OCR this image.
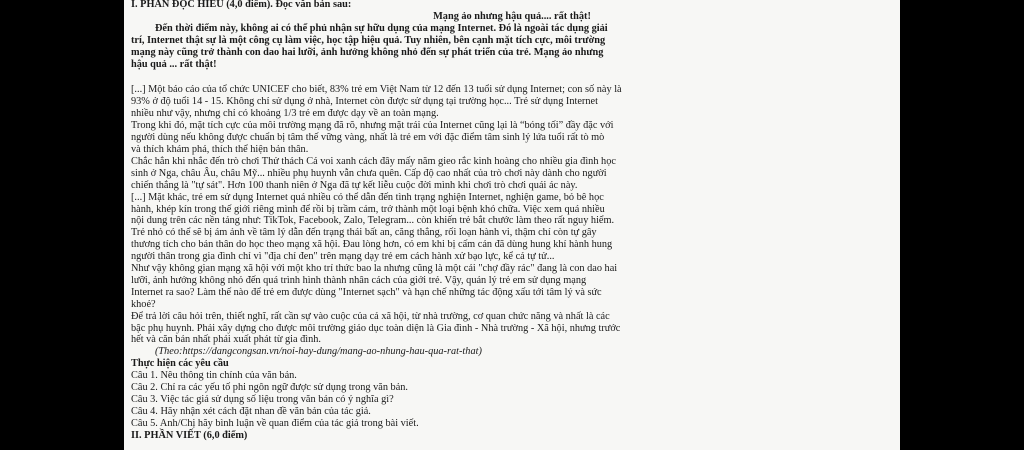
I. PHẦN ĐỌC HIỂU (4,0 điểm). Đọc văn bản sau:
Mạng ảo nhưng hậu quả.... rất thật!
Đến thời điểm này, không ai có thể phủ nhận sự hữu dụng của mạng Internet. Đó là ngoài tác dụng giải
trí, Internet thật sự là một công cụ làm việc, học tập hiệu quả. Tuy nhiên, bên cạnh mặt tích cực, môi trường
mạng này cũng trở thành con dao hai lưỡi, ảnh hưởng không nhỏ đến sự phát triển của trẻ. Mạng ảo nhưng
hậu quả ... rất thật!
[...] Một báo cáo của tổ chức UNICEF cho biết, 83% trẻ em Việt Nam từ 12 đến 13 tuổi sử dụng Internet; con số này là
93% ở độ tuổi 14 - 15. Không chỉ sử dụng ở nhà, Internet còn được sử dụng tại trường học... Trẻ sử dụng Internet
nhiều như vậy, nhưng chỉ có khoảng 1/3 trẻ em được dạy về an toàn mạng.
Trong khi đó, mặt tích cực của môi trường mạng đã rõ, nhưng mặt trái của Internet cũng lại là “bóng tối” đầy đặc với
người dùng nếu không được chuẩn bị tâm thế vững vàng, nhất là trẻ em với đặc điểm tâm sinh lý lứa tuổi rất tò mò
và thích khám phá, thích thể hiện bản thân.
Chắc hẳn khi nhắc đến trò chơi Thử thách Cá voi xanh cách đây mấy năm gieo rắc kinh hoàng cho nhiều gia đình học
sinh ở Nga, châu Âu, châu Mỹ... nhiều phụ huynh vẫn chưa quên. Cấp độ cao nhất của trò chơi này dành cho người
chiến thắng là "tự sát". Hơn 100 thanh niên ở Nga đã tự kết liễu cuộc đời mình khi chơi trò chơi quái ác này.
[...] Mặt khác, trẻ em sử dụng Internet quá nhiều có thể dẫn đến tình trạng nghiện Internet, nghiện game, bỏ bê học
hành, khép kín trong thế giới riêng mình để rồi bị trầm cảm, trở thành một loại bệnh khó chữa. Việc xem quá nhiều
nội dung trên các nền tảng như: TikTok, Facebook, Zalo, Telegram... còn khiến trẻ bắt chước làm theo rất nguy hiểm.
Trẻ nhỏ có thể sẽ bị ám ảnh về tâm lý dẫn đến trạng thái bất an, căng thẳng, rối loạn hành vi, thậm chí còn tự gây
thương tích cho bản thân do học theo mạng xã hội. Đau lòng hơn, có em khi bị cấm cản đã dùng hung khí hành hung
người thân trong gia đình chỉ vì "địa chỉ đen" trên mạng dạy trẻ em cách hành xử bạo lực, kể cả tự tử...
Như vậy không gian mạng xã hội với một kho trí thức bao la nhưng cũng là một cái "chợ đầy rác" đang là con dao hai
lưỡi, ảnh hưởng không nhỏ đến quá trình hình thành nhân cách của giới trẻ. Vậy, quản lý trẻ em sử dụng mạng
Internet ra sao? Làm thế nào để trẻ em được dùng "Internet sạch" và hạn chế những tác động xấu tới tâm lý và sức
khoẻ?
Để trả lời câu hỏi trên, thiết nghĩ, rất cần sự vào cuộc của cả xã hội, từ nhà trường, cơ quan chức năng và nhất là các
bậc phụ huynh. Phải xây dựng cho được môi trường giáo dục toàn diện là Gia đình - Nhà trường - Xã hội, nhưng trước
hết và căn bản nhất phải xuất phát từ gia đình.
(Theo:https://dangcongsan.vn/noi-hay-dung/mang-ao-nhung-hau-qua-rat-that)
Thực hiện các yêu cầu
Câu 1. Nêu thông tin chính của văn bản.
Câu 2. Chỉ ra các yếu tố phi ngôn ngữ được sử dụng trong văn bản.
Câu 3. Việc tác giả sử dụng số liệu trong văn bản có ý nghĩa gì?
Câu 4. Hãy nhận xét cách đặt nhan đề văn bản của tác giả.
Câu 5. Anh/Chị hãy bình luận về quan điểm của tác giả trong bài viết.
II. PHẦN VIẾT (6,0 điểm)
